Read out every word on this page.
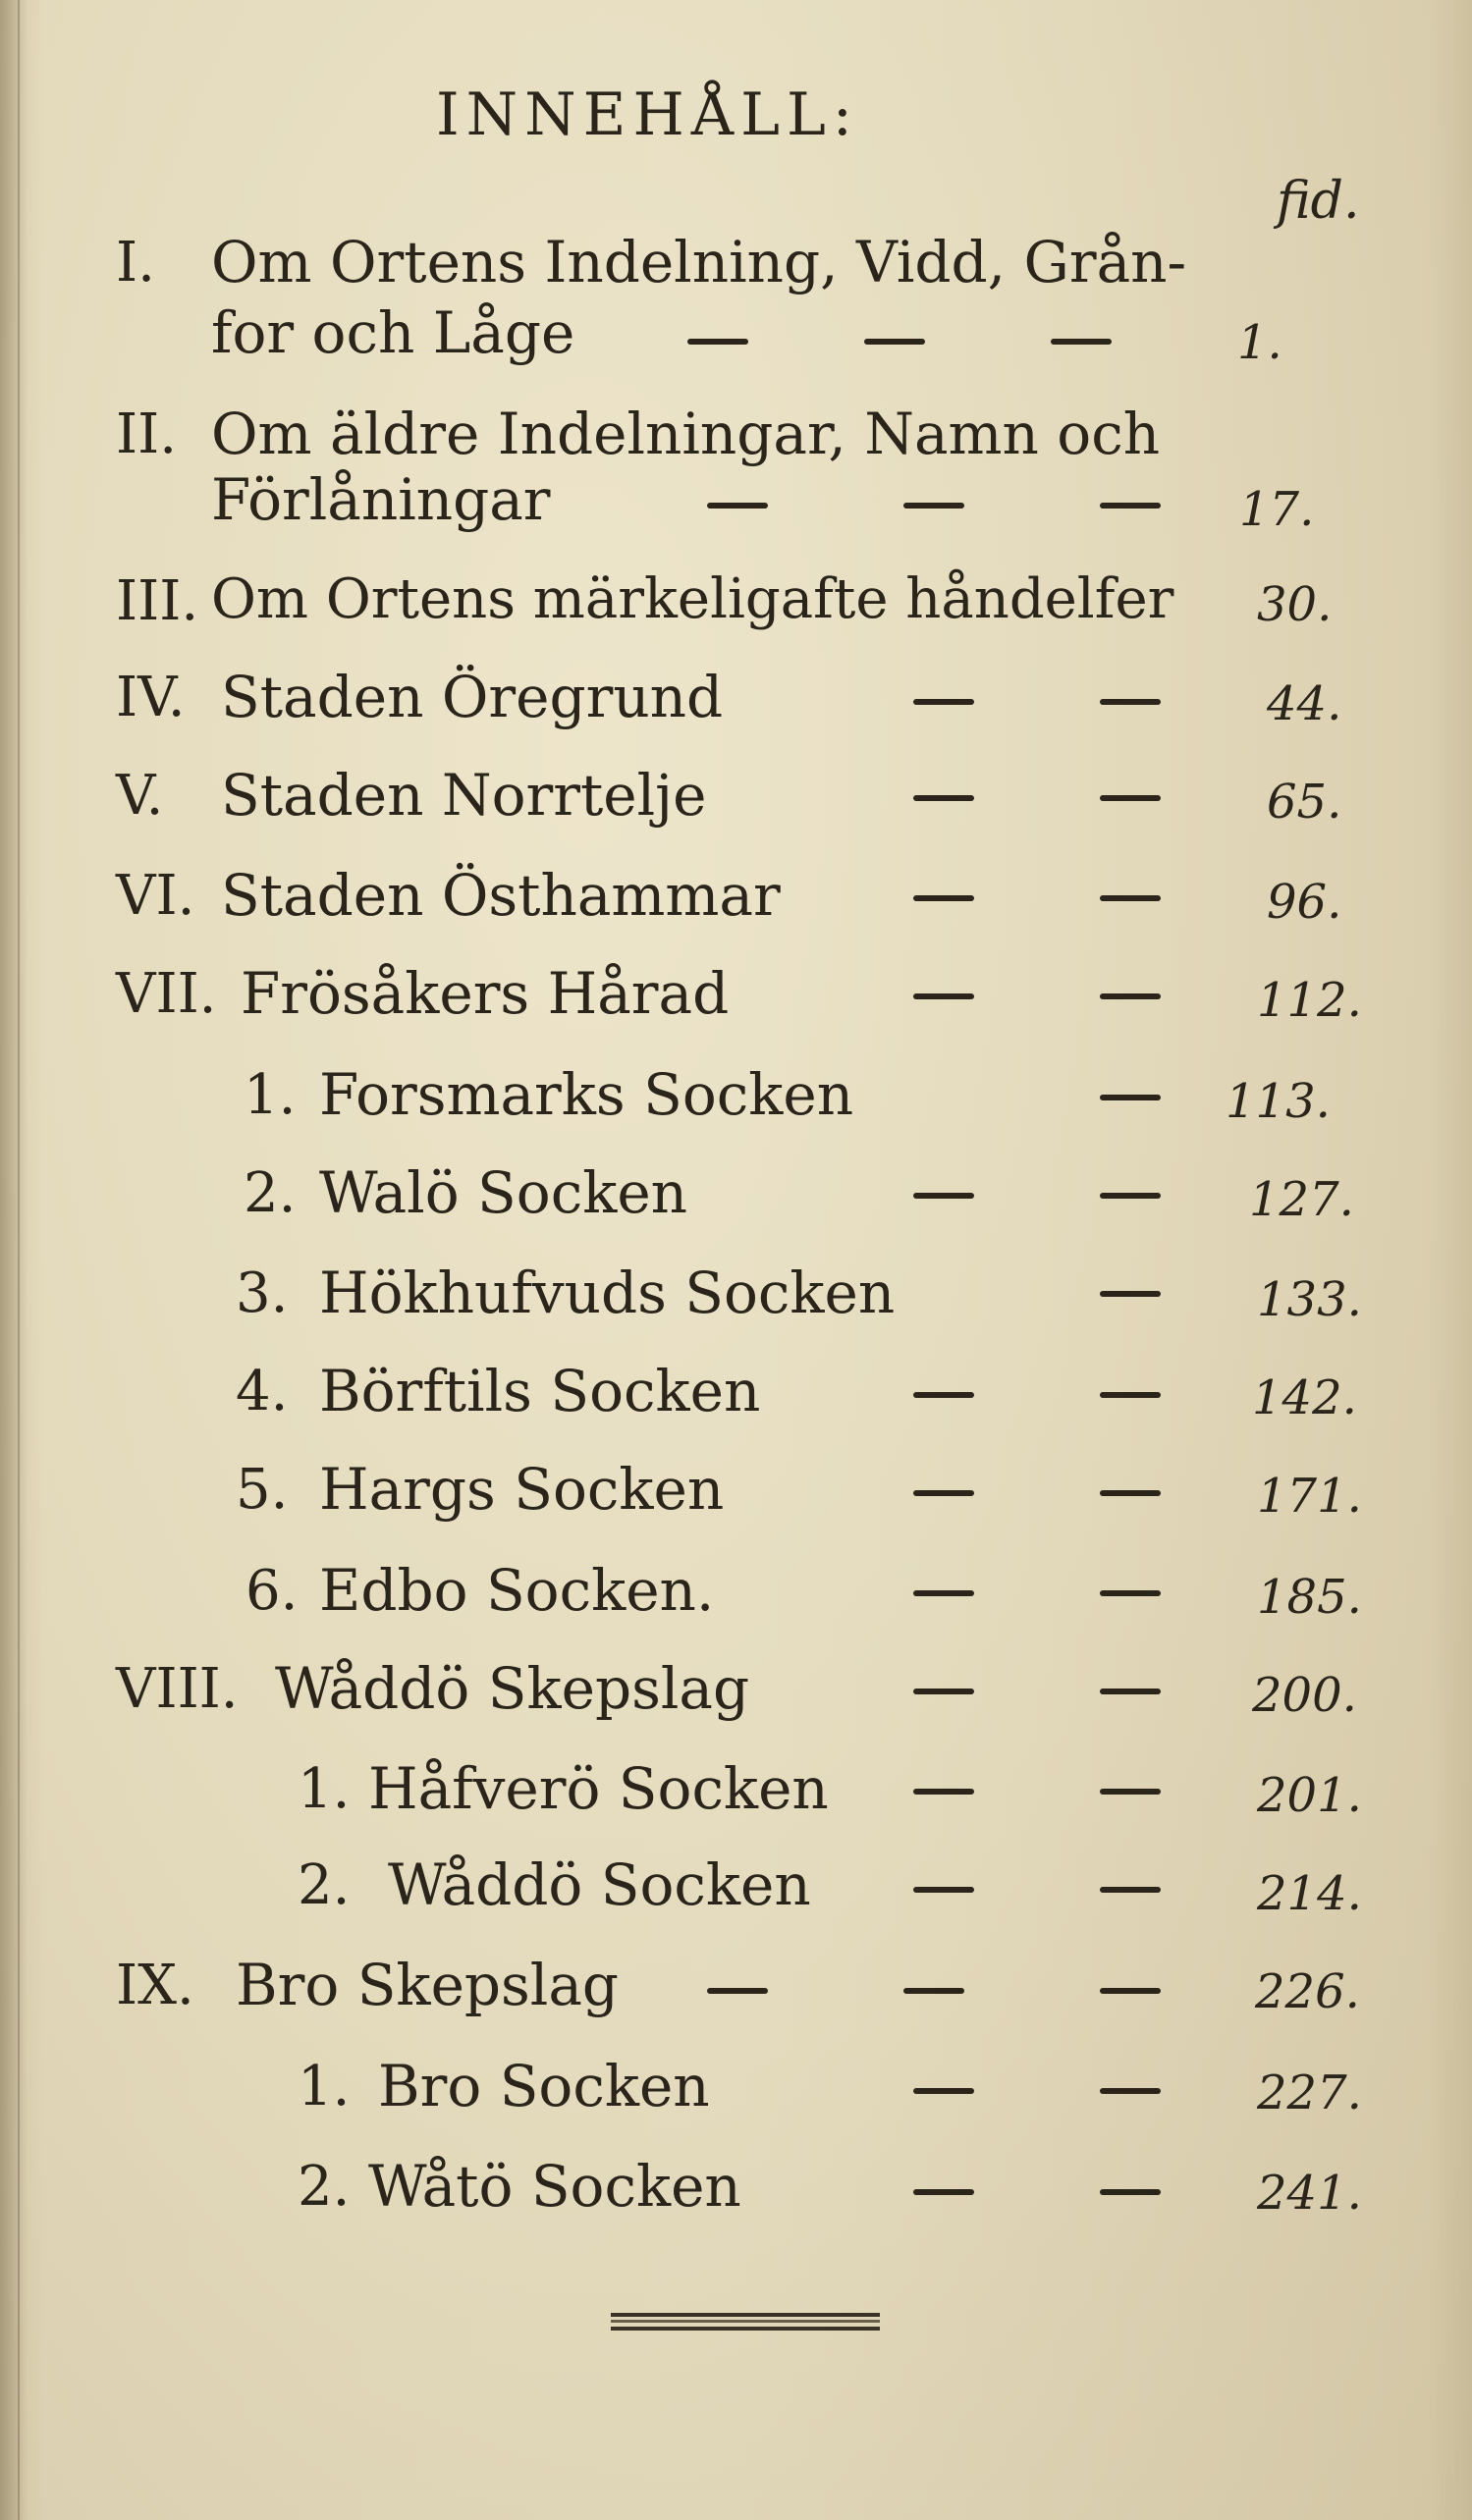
INNEHÅLL:
fid.
I. Om Ortens Indelning, Vidd, Grån-
for och Låge	1.
II. Om äldre Indelningar, Namn och
Förlåningar	17.
III. Om Ortens märkeligafte håndelfer 30.
IV. Staden Öregrund	44.
V. Staden Norrtelje	65.
VI. Staden Östhammar	96.
VII. Frösåkers Hårad	112.
1. Forsmarks Socken	113.
2. Walö Socken	127.
3. Hökhufvuds Socken	133.
4. Börftils Socken	142.
5. Hargs Socken	171.
6. Edbo Socken.	185.
VIII. Wåddö Skepslag	200.
1. Håfverö Socken	201.
2. Wåddö Socken	214.
IX. Bro Skepslag	226.
1. Bro Socken	227.
2. Wåtö Socken	241.
